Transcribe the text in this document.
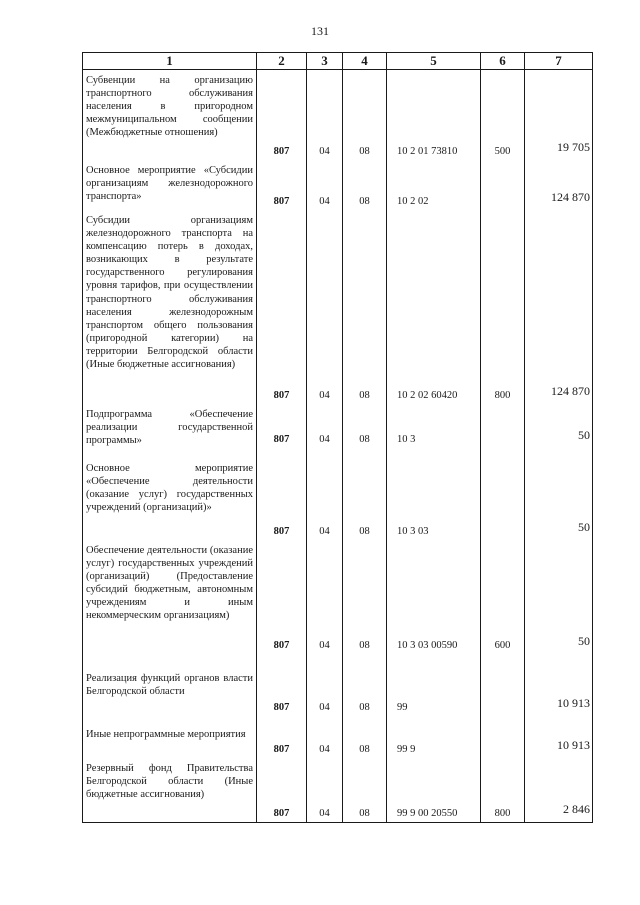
131
1	2	3	4	5	6	7
Субвенции на организацию транспортного обслуживания населения в пригородном межмуниципальном сообщении (Межбюджетные отношения)	807	04	08	10 2 01 73810	500	19 705

Основное мероприятие «Субсидии организациям железнодорожного транспорта»	807	04	08	10 2 02		124 870

Субсидии организациям железнодорожного транспорта на компенсацию потерь в доходах, возникающих в результате государственного регулирования уровня тарифов, при осуществлении транспортного обслуживания населения железнодорожным транспортом общего пользования (пригородной категории) на территории Белгородской области (Иные бюджетные ассигнования)	807	04	08	10 2 02 60420	800	124 870

Подпрограмма «Обеспечение реализации государственной программы»	807	04	08	10 3		50

Основное мероприятие «Обеспечение деятельности (оказание услуг) государственных учреждений (организаций)»	807	04	08	10 3 03		50

Обеспечение деятельности (оказание услуг) государственных учреждений (организаций) (Предоставление субсидий бюджетным, автономным учреждениям и иным некоммерческим организациям)	807	04	08	10 3 03 00590	600	50

Реализация функций органов власти Белгородской области	807	04	08	99		10 913

Иные непрограммные мероприятия	807	04	08	99 9		10 913

Резервный фонд Правительства Белгородской области (Иные бюджетные ассигнования)	807	04	08	99 9 00 20550	800	2 846
